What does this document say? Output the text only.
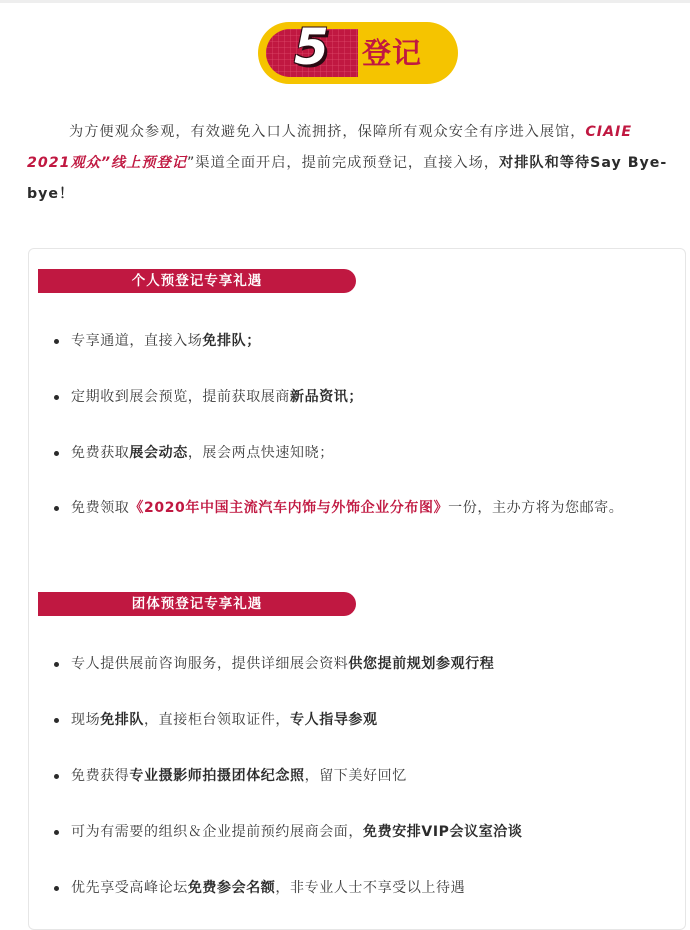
5 登记
为方便观众参观，有效避免入口人流拥挤，保障所有观众安全有序进入展馆，CIAIE 2021观众”线上预登记”渠道全面开启，提前完成预登记，直接入场，对排队和等待Say Bye-bye！
个人预登记专享礼遇
专享通道，直接入场免排队；
定期收到展会预览，提前获取展商新品资讯；
免费获取展会动态，展会两点快速知晓；
免费领取《2020年中国主流汽车内饰与外饰企业分布图》一份，主办方将为您邮寄。
团体预登记专享礼遇
专人提供展前咨询服务，提供详细展会资料供您提前规划参观行程
现场免排队，直接柜台领取证件，专人指导参观
免费获得专业摄影师拍摄团体纪念照，留下美好回忆
可为有需要的组织＆企业提前预约展商会面，免费安排VIP会议室洽谈
优先享受高峰论坛免费参会名额，非专业人士不享受以上待遇
